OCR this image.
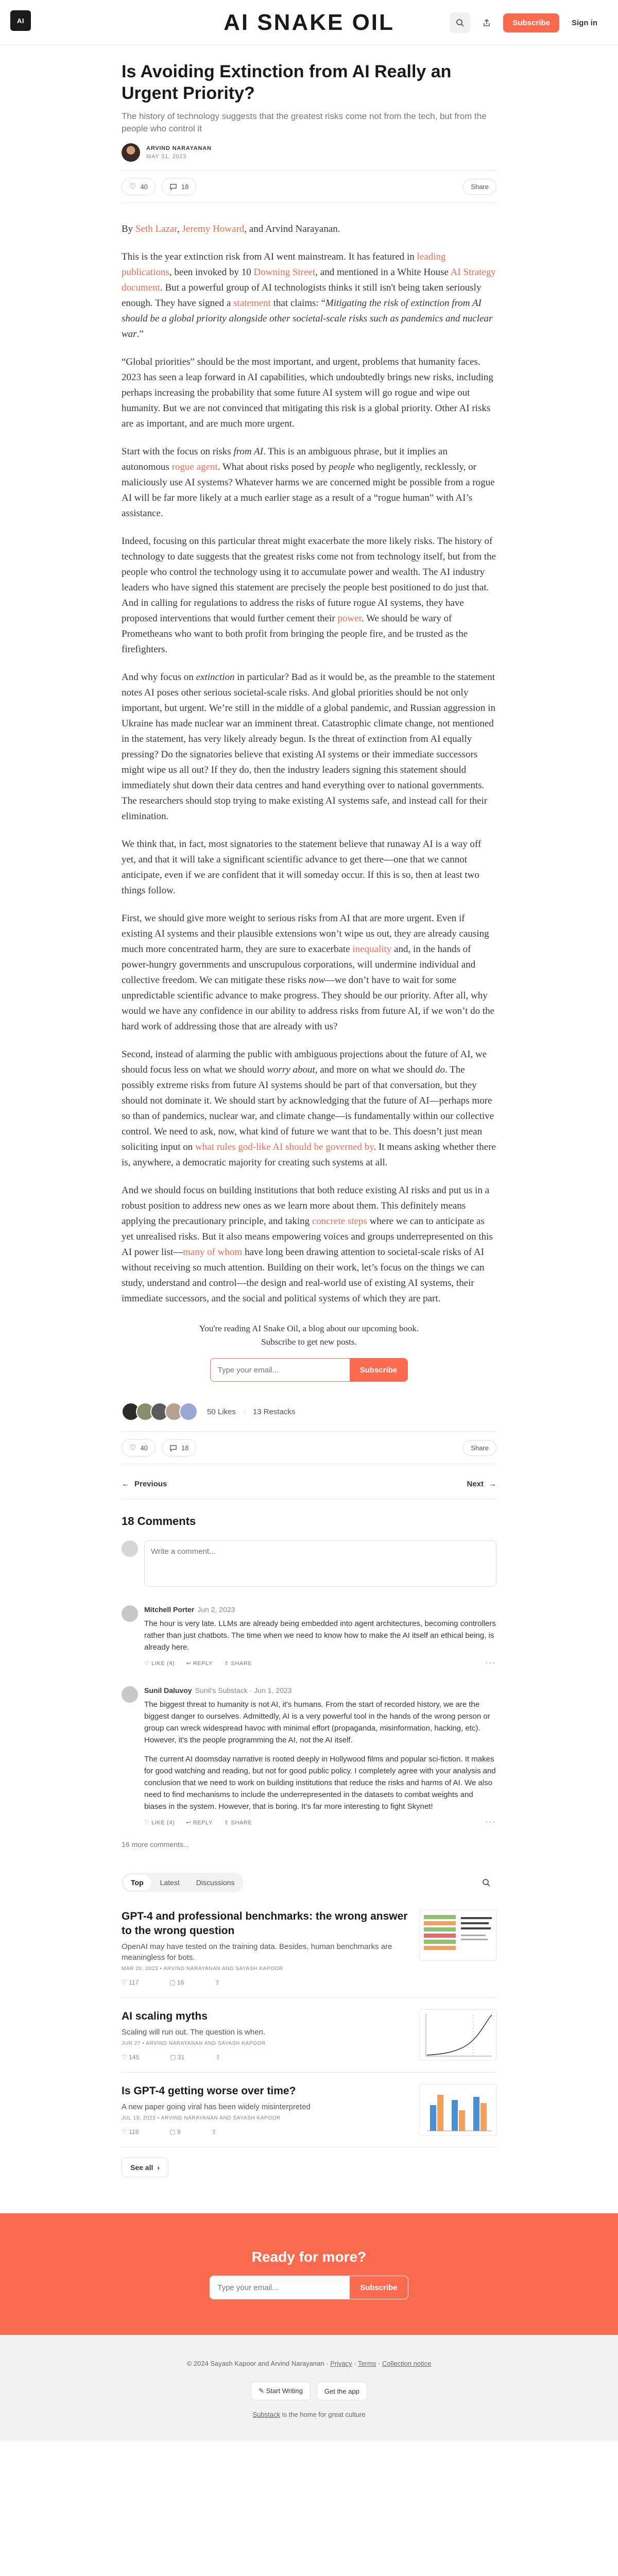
AI	AI SNAKE OIL	Subscribe	Sign in
Is Avoiding Extinction from AI Really an Urgent Priority?
The history of technology suggests that the greatest risks come not from the tech, but from the people who control it
ARVIND NARAYANAN
MAY 31, 2023
♡ 40	18	Share

By Seth Lazar, Jeremy Howard, and Arvind Narayanan.

This is the year extinction risk from AI went mainstream. It has featured in leading publications, been invoked by 10 Downing Street, and mentioned in a White House AI Strategy document. But a powerful group of AI technologists thinks it still isn't being taken seriously enough. They have signed a statement that claims: “Mitigating the risk of extinction from AI should be a global priority alongside other societal-scale risks such as pandemics and nuclear war.”

“Global priorities” should be the most important, and urgent, problems that humanity faces. 2023 has seen a leap forward in AI capabilities, which undoubtedly brings new risks, including perhaps increasing the probability that some future AI system will go rogue and wipe out humanity. But we are not convinced that mitigating this risk is a global priority. Other AI risks are as important, and are much more urgent.

Start with the focus on risks from AI. This is an ambiguous phrase, but it implies an autonomous rogue agent. What about risks posed by people who negligently, recklessly, or maliciously use AI systems? Whatever harms we are concerned might be possible from a rogue AI will be far more likely at a much earlier stage as a result of a “rogue human” with AI’s assistance.

Indeed, focusing on this particular threat might exacerbate the more likely risks. The history of technology to date suggests that the greatest risks come not from technology itself, but from the people who control the technology using it to accumulate power and wealth. The AI industry leaders who have signed this statement are precisely the people best positioned to do just that. And in calling for regulations to address the risks of future rogue AI systems, they have proposed interventions that would further cement their power. We should be wary of Prometheans who want to both profit from bringing the people fire, and be trusted as the firefighters.

And why focus on extinction in particular? Bad as it would be, as the preamble to the statement notes AI poses other serious societal-scale risks. And global priorities should be not only important, but urgent. We’re still in the middle of a global pandemic, and Russian aggression in Ukraine has made nuclear war an imminent threat. Catastrophic climate change, not mentioned in the statement, has very likely already begun. Is the threat of extinction from AI equally pressing? Do the signatories believe that existing AI systems or their immediate successors might wipe us all out? If they do, then the industry leaders signing this statement should immediately shut down their data centres and hand everything over to national governments. The researchers should stop trying to make existing AI systems safe, and instead call for their elimination.

We think that, in fact, most signatories to the statement believe that runaway AI is a way off yet, and that it will take a significant scientific advance to get there—one that we cannot anticipate, even if we are confident that it will someday occur. If this is so, then at least two things follow.

First, we should give more weight to serious risks from AI that are more urgent. Even if existing AI systems and their plausible extensions won’t wipe us out, they are already causing much more concentrated harm, they are sure to exacerbate inequality and, in the hands of power-hungry governments and unscrupulous corporations, will undermine individual and collective freedom. We can mitigate these risks now—we don’t have to wait for some unpredictable scientific advance to make progress. They should be our priority. After all, why would we have any confidence in our ability to address risks from future AI, if we won’t do the hard work of addressing those that are already with us?

Second, instead of alarming the public with ambiguous projections about the future of AI, we should focus less on what we should worry about, and more on what we should do. The possibly extreme risks from future AI systems should be part of that conversation, but they should not dominate it. We should start by acknowledging that the future of AI—perhaps more so than of pandemics, nuclear war, and climate change—is fundamentally within our collective control. We need to ask, now, what kind of future we want that to be. This doesn’t just mean soliciting input on what rules god-like AI should be governed by. It means asking whether there is, anywhere, a democratic majority for creating such systems at all.

And we should focus on building institutions that both reduce existing AI risks and put us in a robust position to address new ones as we learn more about them. This definitely means applying the precautionary principle, and taking concrete steps where we can to anticipate as yet unrealised risks. But it also means empowering voices and groups underrepresented on this AI power list—many of whom have long been drawing attention to societal-scale risks of AI without receiving so much attention. Building on their work, let’s focus on the things we can study, understand and control—the design and real-world use of existing AI systems, their immediate successors, and the social and political systems of which they are part.

You're reading AI Snake Oil, a blog about our upcoming book. Subscribe to get new posts.

Type your email...
Subscribe
50 Likes · 13 Restacks
♡ 40	18	Share
← Previous	Next →
18 Comments
Write a comment...
Mitchell Porter Jun 2, 2023
The hour is very late. LLMs are already being embedded into agent architectures, becoming controllers rather than just chatbots. The time when we need to know how to make the AI itself an ethical being, is already here.
♡ LIKE (4) ↩ REPLY ⇪ SHARE	···
Sunil Daluvoy Sunil's Substack · Jun 1, 2023
The biggest threat to humanity is not AI, it's humans. From the start of recorded history, we are the biggest danger to ourselves. Admittedly, AI is a very powerful tool in the hands of the wrong person or group can wreck widespread havoc with minimal effort (propaganda, misinformation, hacking, etc). However, it's the people programming the AI, not the AI itself.
The current AI doomsday narrative is rooted deeply in Hollywood films and popular sci-fiction. It makes for good watching and reading, but not for good public policy. I completely agree with your analysis and conclusion that we need to work on building institutions that reduce the risks and harms of AI. We also need to find mechanisms to include the underrepresented in the datasets to combat weights and biases in the system. However, that is boring. It's far more interesting to fight Skynet!
♡ LIKE (4) ↩ REPLY ⇪ SHARE	···
16 more comments...
Top	Latest	Discussions
GPT-4 and professional benchmarks: the wrong answer to the wrong question
OpenAI may have tested on the training data. Besides, human benchmarks are meaningless for bots.
MAR 20, 2023 • ARVIND NARAYANAN AND SAYASH KAPOOR
♡ 117	▢ 16	⇪
AI scaling myths
Scaling will run out. The question is when.
JUN 27 • ARVIND NARAYANAN AND SAYASH KAPOOR
♡ 145	▢ 31	⇪
Is GPT-4 getting worse over time?
A new paper going viral has been widely misinterpreted
JUL 19, 2023 • ARVIND NARAYANAN AND SAYASH KAPOOR
♡ 118	▢ 9	⇪
See all ›
Ready for more?
Type your email...
Subscribe
© 2024 Sayash Kapoor and Arvind Narayanan · Privacy · Terms · Collection notice
✎ Start Writing	Get the app
Substack is the home for great culture
